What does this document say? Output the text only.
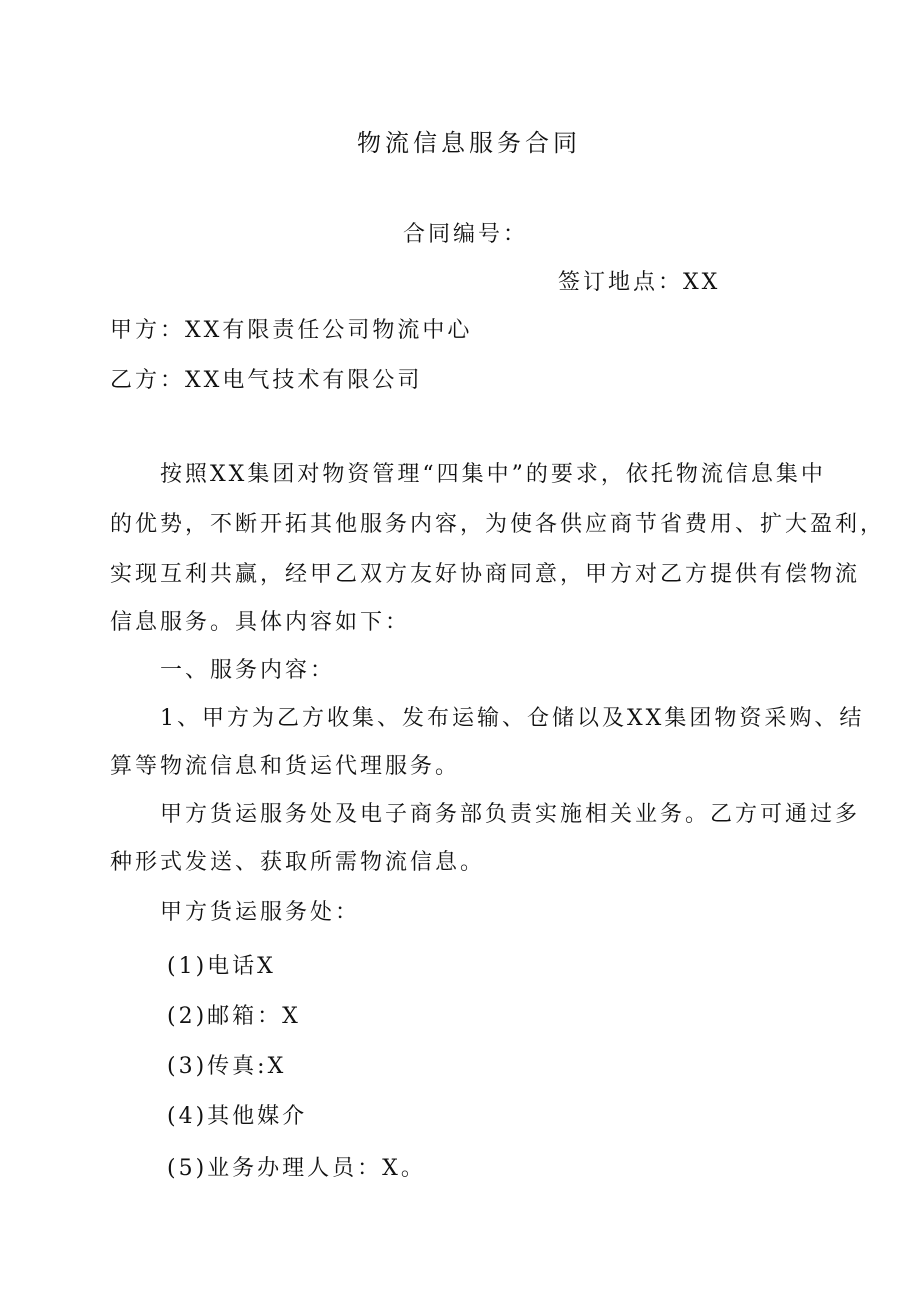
物流信息服务合同
合同编号：
签订地点：XX
甲方：XX有限责任公司物流中心
乙方：XX电气技术有限公司
按照XX集团对物资管理“四集中”的要求，依托物流信息集中
的优势，不断开拓其他服务内容，为使各供应商节省费用、扩大盈利，
实现互利共赢，经甲乙双方友好协商同意，甲方对乙方提供有偿物流
信息服务。具体内容如下：
一、服务内容：
1、甲方为乙方收集、发布运输、仓储以及XX集团物资采购、结
算等物流信息和货运代理服务。
甲方货运服务处及电子商务部负责实施相关业务。乙方可通过多
种形式发送、获取所需物流信息。
甲方货运服务处：
(1)电话X
(2)邮箱：X
(3)传真:X
(4)其他媒介
(5)业务办理人员：X。
